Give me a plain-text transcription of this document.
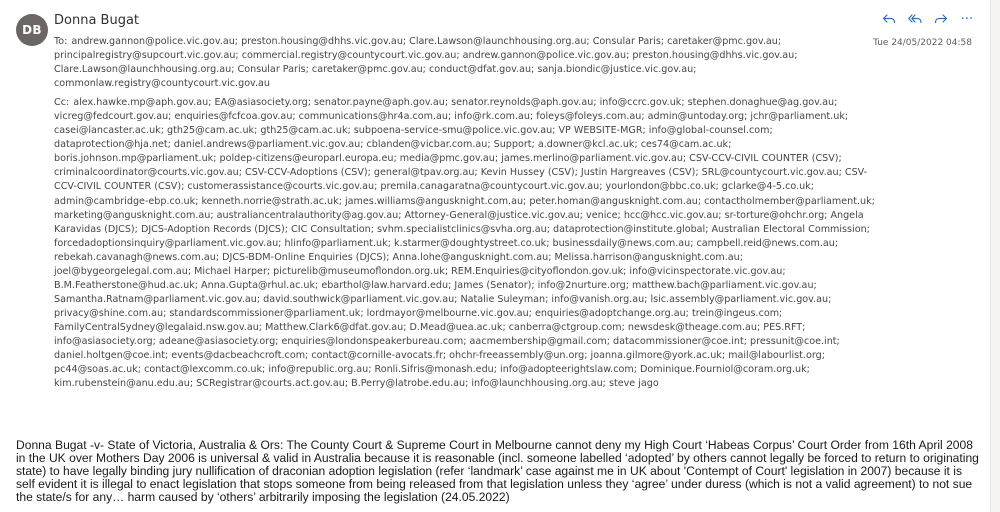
DB
Donna Bugat	···
Tue 24/05/2022 04:58
To: andrew.gannon@police.vic.gov.au; preston.housing@dhhs.vic.gov.au; Clare.Lawson@launchhousing.org.au; Consular Paris; caretaker@pmc.gov.au; principalregistry@supcourt.vic.gov.au; commercial.registry@countycourt.vic.gov.au; andrew.gannon@police.vic.gov.au; preston.housing@dhhs.vic.gov.au; Clare.Lawson@launchhousing.org.au; Consular Paris; caretaker@pmc.gov.au; conduct@dfat.gov.au; sanja.biondic@justice.vic.gov.au; commonlaw.registry@countycourt.vic.gov.au
Cc: alex.hawke.mp@aph.gov.au; EA@asiasociety.org; senator.payne@aph.gov.au; senator.reynolds@aph.gov.au; info@ccrc.gov.uk; stephen.donaghue@ag.gov.au; vicreg@fedcourt.gov.au; enquiries@fcfcoa.gov.au; communications@hr4a.com.au; info@rk.com.au; foleys@foleys.com.au; admin@untoday.org; jchr@parliament.uk; casei@lancaster.ac.uk; gth25@cam.ac.uk; gth25@cam.ac.uk; subpoena-service-smu@police.vic.gov.au; VP WEBSITE-MGR; info@global-counsel.com; dataprotection@hja.net; daniel.andrews@parliament.vic.gov.au; cblanden@vicbar.com.au; Support; a.downer@kcl.ac.uk; ces74@cam.ac.uk; boris.johnson.mp@parliament.uk; poldep-citizens@europarl.europa.eu; media@pmc.gov.au; james.merlino@parliament.vic.gov.au; CSV-CCV-CIVIL COUNTER (CSV); criminalcoordinator@courts.vic.gov.au; CSV-CCV-Adoptions (CSV); general@tpav.org.au; Kevin Hussey (CSV); Justin Hargreaves (CSV); SRL@countycourt.vic.gov.au; CSV-CCV-CIVIL COUNTER (CSV); customerassistance@courts.vic.gov.au; premila.canagaratna@countycourt.vic.gov.au; yourlondon@bbc.co.uk; gclarke@4-5.co.uk; admin@cambridge-ebp.co.uk; kenneth.norrie@strath.ac.uk; james.williams@angusknight.com.au; peter.homan@angusknight.com.au; contactholmember@parliament.uk; marketing@angusknight.com.au; australiancentralauthority@ag.gov.au; Attorney-General@justice.vic.gov.au; venice; hcc@hcc.vic.gov.au; sr-torture@ohchr.org; Angela Karavidas (DJCS); DJCS-Adoption Records (DJCS); CIC Consultation; svhm.specialistclinics@svha.org.au; dataprotection@institute.global; Australian Electoral Commission; forcedadoptionsinquiry@parliament.vic.gov.au; hlinfo@parliament.uk; k.starmer@doughtystreet.co.uk; businessdaily@news.com.au; campbell.reid@news.com.au; rebekah.cavanagh@news.com.au; DJCS-BDM-Online Enquiries (DJCS); Anna.lohe@angusknight.com.au; Melissa.harrison@angusknight.com.au; joel@bygeorgelegal.com.au; Michael Harper; picturelib@museumoflondon.org.uk; REM.Enquiries@cityoflondon.gov.uk; info@vicinspectorate.vic.gov.au; B.M.Featherstone@hud.ac.uk; Anna.Gupta@rhul.ac.uk; ebarthol@law.harvard.edu; James (Senator); info@2nurture.org; matthew.bach@parliament.vic.gov.au; Samantha.Ratnam@parliament.vic.gov.au; david.southwick@parliament.vic.gov.au; Natalie Suleyman; info@vanish.org.au; lsic.assembly@parliament.vic.gov.au; privacy@shine.com.au; standardscommissioner@parliament.uk; lordmayor@melbourne.vic.gov.au; enquiries@adoptchange.org.au; trein@ingeus.com; FamilyCentralSydney@legalaid.nsw.gov.au; Matthew.Clark6@dfat.gov.au; D.Mead@uea.ac.uk; canberra@ctgroup.com; newsdesk@theage.com.au; PES.RFT; info@asiasociety.org; adeane@asiasociety.org; enquiries@londonspeakerbureau.com; aacmembership@gmail.com; datacommissioner@coe.int; pressunit@coe.int; daniel.holtgen@coe.int; events@dacbeachcroft.com; contact@cornille-avocats.fr; ohchr-freeassembly@un.org; joanna.gilmore@york.ac.uk; mail@labourlist.org; pc44@soas.ac.uk; contact@lexcomm.co.uk; info@republic.org.au; Ronli.Sifris@monash.edu; info@adopteerightslaw.com; Dominique.Fourniol@coram.org.uk; kim.rubenstein@anu.edu.au; SCRegistrar@courts.act.gov.au; B.Perry@latrobe.edu.au; info@launchhousing.org.au; steve jago
Donna Bugat -v- State of Victoria, Australia & Ors: The County Court & Supreme Court in Melbourne cannot deny my High Court ‘Habeas Corpus’ Court Order from 16th April 2008 in the UK over Mothers Day 2006 is universal & valid in Australia because it is reasonable (incl. someone labelled ‘adopted’ by others cannot legally be forced to return to originating state) to have legally binding jury nullification of draconian adoption legislation (refer ‘landmark’ case against me in UK about 'Contempt of Court' legislation in 2007) because it is self evident it is illegal to enact legislation that stops someone from being released from that legislation unless they ‘agree’ under duress (which is not a valid agreement) to not sue the state/s for any… harm caused by ‘others’ arbitrarily imposing the legislation (24.05.2022)
